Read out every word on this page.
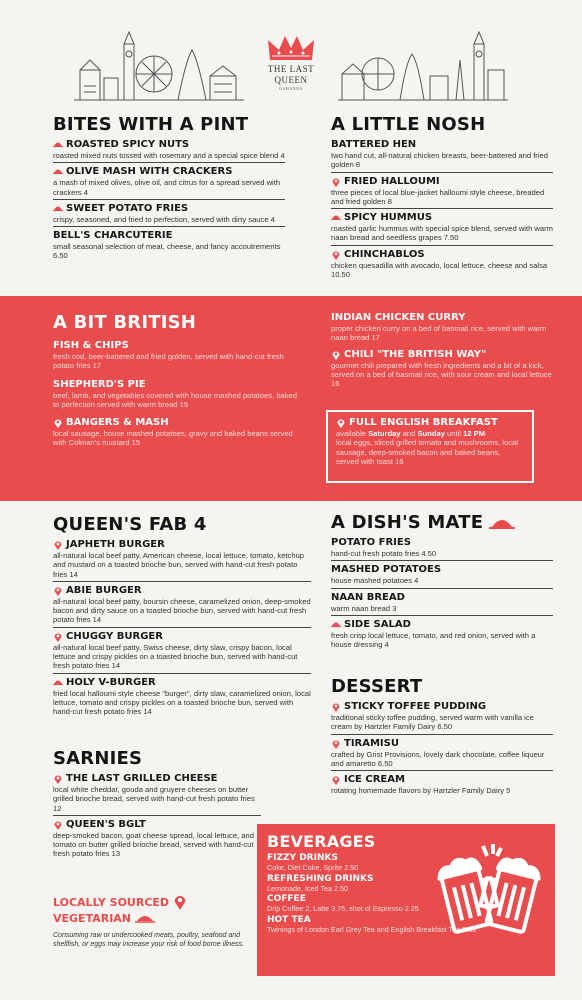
THE LAST QUEEN
GAHANNA
BITES WITH A PINT
ROASTED SPICY NUTS
roasted mixed nuts tossed with rosemary and a special spice blend 4
OLIVE MASH WITH CRACKERS
a mash of mixed olives, olive oil, and citrus for a spread served with crackers 4
SWEET POTATO FRIES
crispy, seasoned, and fried to perfection, served with dirty sauce 4
BELL'S CHARCUTERIE
small seasonal selection of meat, cheese, and fancy accoutrements 6.50
A LITTLE NOSH
BATTERED HEN
two hand cut, all-natural chicken breasts, beer-battered and fried golden 8
FRIED HALLOUMI
three pieces of local blue-jacket halloumi style cheese, breaded and fried golden 8
SPICY HUMMUS
roasted garlic hummus with special spice blend, served with warm naan bread and seedless grapes 7.50
CHINCHABLOS
chicken quesadilla with avocado, local lettuce, cheese and salsa 10.50
A BIT BRITISH
FISH & CHIPS
fresh cod, beer-battered and fried golden, served with hand-cut fresh potato fries 17
SHEPHERD'S PIE
beef, lamb, and vegetables covered with house mashed potatoes, baked to perfection served with warm bread 15
BANGERS & MASH
local sausage, house mashed potatoes, gravy and baked beans served with Colman's mustard 15
INDIAN CHICKEN CURRY
proper chicken curry on a bed of basmati rice, served with warm naan bread 17
CHILI "THE BRITISH WAY"
gourmet chili prepared with fresh ingredients and a bit of a kick, served on a bed of basmati rice, with sour cream and local lettuce 16
FULL ENGLISH BREAKFAST
available Saturday and Sunday until 12 PM
local eggs, sliced grilled tomato and mushrooms, local sausage, deep-smoked bacon and baked beans, served with toast 16
QUEEN'S FAB 4
JAPHETH BURGER
all-natural local beef patty, American cheese, local lettuce, tomato, ketchup and mustard on a toasted brioche bun, served with hand-cut fresh potato fries 14
ABIE BURGER
all-natural local beef patty, boursin cheese, caramelized onion, deep-smoked bacon and dirty sauce on a toasted brioche bun, served with hand-cut fresh potato fries 14
CHUGGY BURGER
all-natural local beef patty, Swiss cheese, dirty slaw, crispy bacon, local lettuce and crispy pickles on a toasted brioche bun, served with hand-cut fresh potato fries 14
HOLY V-BURGER
fried local halloumi style cheese "burger", dirty slaw, caramelized onion, local lettuce, tomato and crispy pickles on a toasted brioche bun, served with hand-cut fresh potato fries 14
SARNIES
THE LAST GRILLED CHEESE
local white cheddar, gouda and gruyere cheeses on butter grilled brioche bread, served with hand-cut fresh potato fries 12
QUEEN'S BGLT
deep-smoked bacon, goat cheese spread, local lettuce, and tomato on butter grilled brioche bread, served with hand-cut fresh potato fries 13
LOCALLY SOURCED
VEGETARIAN
Consuming raw or undercooked meats, poultry, seafood and shellfish, or eggs may increase your risk of food borne illness.
A DISH'S MATE
POTATO FRIES
hand-cut fresh potato fries 4.50
MASHED POTATOES
house mashed potatoes 4
NAAN BREAD
warm naan bread 3
SIDE SALAD
fresh crisp local lettuce, tomato, and red onion, served with a house dressing 4
DESSERT
STICKY TOFFEE PUDDING
traditional sticky toffee pudding, served warm with vanilla ice cream by Hartzler Family Dairy 6.50
TIRAMISU
crafted by Grist Provisions, lovely dark chocolate, coffee liqueur and amaretto 6.50
ICE CREAM
rotating homemade flavors by Hartzler Family Dairy 5
BEVERAGES
FIZZY DRINKS
Coke, Diet Coke, Sprite 2.50
REFRESHING DRINKS
Lemonade, Iced Tea 2.50
COFFEE
Drip Coffee 2, Latte 3.75, shot of Espresso 2.25
HOT TEA
Twinings of London Earl Grey Tea and English Breakfast Tea 2.50
